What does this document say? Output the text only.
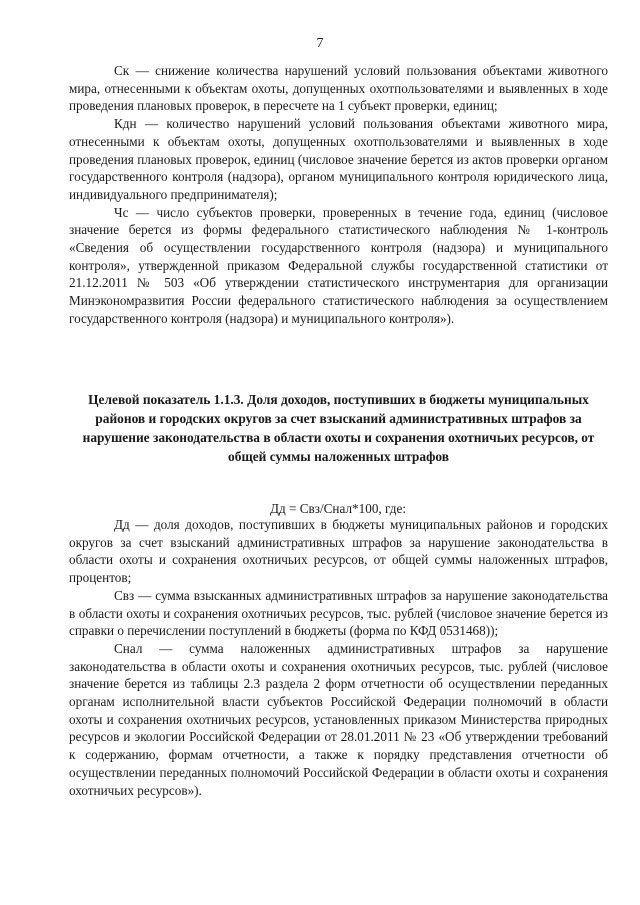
7

Ск — снижение количества нарушений условий пользования объектами животного мира, отнесенными к объектам охоты, допущенных охотпользователями и выявленных в ходе проведения плановых проверок, в пересчете на 1 субъект проверки, единиц;

Кдн — количество нарушений условий пользования объектами животного мира, отнесенными к объектам охоты, допущенных охотпользователями и выявленных в ходе проведения плановых проверок, единиц (числовое значение берется из актов проверки органом государственного контроля (надзора), органом муниципального контроля юридического лица, индивидуального предпринимателя);

Чс — число субъектов проверки, проверенных в течение года, единиц (числовое значение берется из формы федерального статистического наблюдения № 1-контроль «Сведения об осуществлении государственного контроля (надзора) и муниципального контроля», утвержденной приказом Федеральной службы государственной статистики от 21.12.2011 № 503 «Об утверждении статистического инструментария для организации Минэкономразвития России федерального статистического наблюдения за осуществлением государственного контроля (надзора) и муниципального контроля»).

Целевой показатель 1.1.3. Доля доходов, поступивших в бюджеты муниципальных районов и городских округов за счет взысканий административных штрафов за нарушение законодательства в области охоты и сохранения охотничьих ресурсов, от общей суммы наложенных штрафов
Дд = Свз/Снал*100, где:

Дд — доля доходов, поступивших в бюджеты муниципальных районов и городских округов за счет взысканий административных штрафов за нарушение законодательства в области охоты и сохранения охотничьих ресурсов, от общей суммы наложенных штрафов, процентов;

Свз — сумма взысканных административных штрафов за нарушение законодательства в области охоты и сохранения охотничьих ресурсов, тыс. рублей (числовое значение берется из справки о перечислении поступлений в бюджеты (форма по КФД 0531468));

Снал — сумма наложенных административных штрафов за нарушение законодательства в области охоты и сохранения охотничьих ресурсов, тыс. рублей (числовое значение берется из таблицы 2.3 раздела 2 форм отчетности об осуществлении переданных органам исполнительной власти субъектов Российской Федерации полномочий в области охоты и сохранения охотничьих ресурсов, установленных приказом Министерства природных ресурсов и экологии Российской Федерации от 28.01.2011 № 23 «Об утверждении требований к содержанию, формам отчетности, а также к порядку представления отчетности об осуществлении переданных полномочий Российской Федерации в области охоты и сохранения охотничьих ресурсов»).
